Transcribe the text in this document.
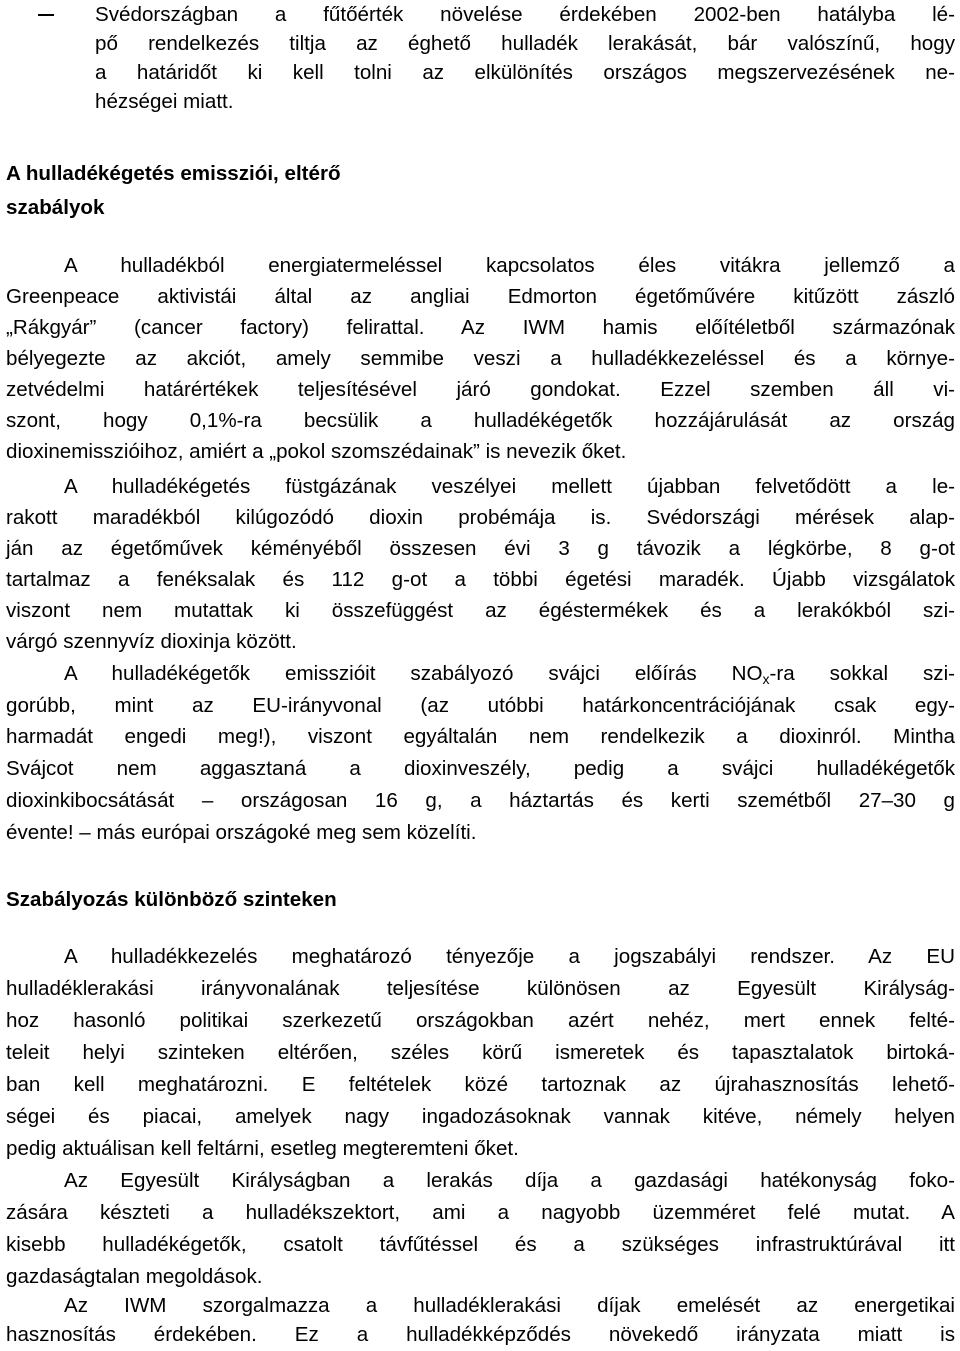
Svédországban a fűtőérték növelése érdekében 2002-ben hatályba lé-
pő rendelkezés tiltja az éghető hulladék lerakását, bár valószínű, hogy
a határidőt ki kell tolni az elkülönítés országos megszervezésének ne-
hézségei miatt.
A hulladékégetés emissziói, eltérő
szabályok
A hulladékból energiatermeléssel kapcsolatos éles vitákra jellemző a
Greenpeace aktivistái által az angliai Edmorton égetőművére kitűzött zászló
„Rákgyár” (cancer factory) felirattal. Az IWM hamis előítéletből származónak
bélyegezte az akciót, amely semmibe veszi a hulladékkezeléssel és a környe-
zetvédelmi határértékek teljesítésével járó gondokat. Ezzel szemben áll vi-
szont, hogy 0,1%-ra becsülik a hulladékégetők hozzájárulását az ország
dioxinemisszióihoz, amiért a „pokol szomszédainak” is nevezik őket.
A hulladékégetés füstgázának veszélyei mellett újabban felvetődött a le-
rakott maradékból kilúgozódó dioxin probémája is. Svédországi mérések alap-
ján az égetőművek kéményéből összesen évi 3 g távozik a légkörbe, 8 g-ot
tartalmaz a fenéksalak és 112 g-ot a többi égetési maradék. Újabb vizsgálatok
viszont nem mutattak ki összefüggést az égéstermékek és a lerakókból szi-
várgó szennyvíz dioxinja között.
A hulladékégetők emisszióit szabályozó svájci előírás $NO_x-ra$ sokkal szi-
gorúbb, mint az EU-irányvonal (az utóbbi határkoncentrációjának csak egy-
harmadát engedi meg!), viszont egyáltalán nem rendelkezik a dioxinról. Mintha
Svájcot nem aggasztaná a dioxinveszély, pedig a svájci hulladékégetők
dioxinkibocsátását – országosan 16 g, a háztartás és kerti szemétből 27–30 g
évente! – más európai országoké meg sem közelíti.
Szabályozás különböző szinteken
A hulladékkezelés meghatározó tényezője a jogszabályi rendszer. Az EU
hulladéklerakási irányvonalának teljesítése különösen az Egyesült Királyság-
hoz hasonló politikai szerkezetű országokban azért nehéz, mert ennek felté-
teleit helyi szinteken eltérően, széles körű ismeretek és tapasztalatok birtoká-
ban kell meghatározni. E feltételek közé tartoznak az újrahasznosítás lehető-
ségei és piacai, amelyek nagy ingadozásoknak vannak kitéve, némely helyen
pedig aktuálisan kell feltárni, esetleg megteremteni őket.
Az Egyesült Királyságban a lerakás díja a gazdasági hatékonyság foko-
zására készteti a hulladékszektort, ami a nagyobb üzemméret felé mutat. A
kisebb hulladékégetők, csatolt távfűtéssel és a szükséges infrastruktúrával itt
gazdaságtalan megoldások.
Az IWM szorgalmazza a hulladéklerakási díjak emelését az energetikai
hasznosítás érdekében. Ez a hulladékképződés növekedő irányzata miatt is
